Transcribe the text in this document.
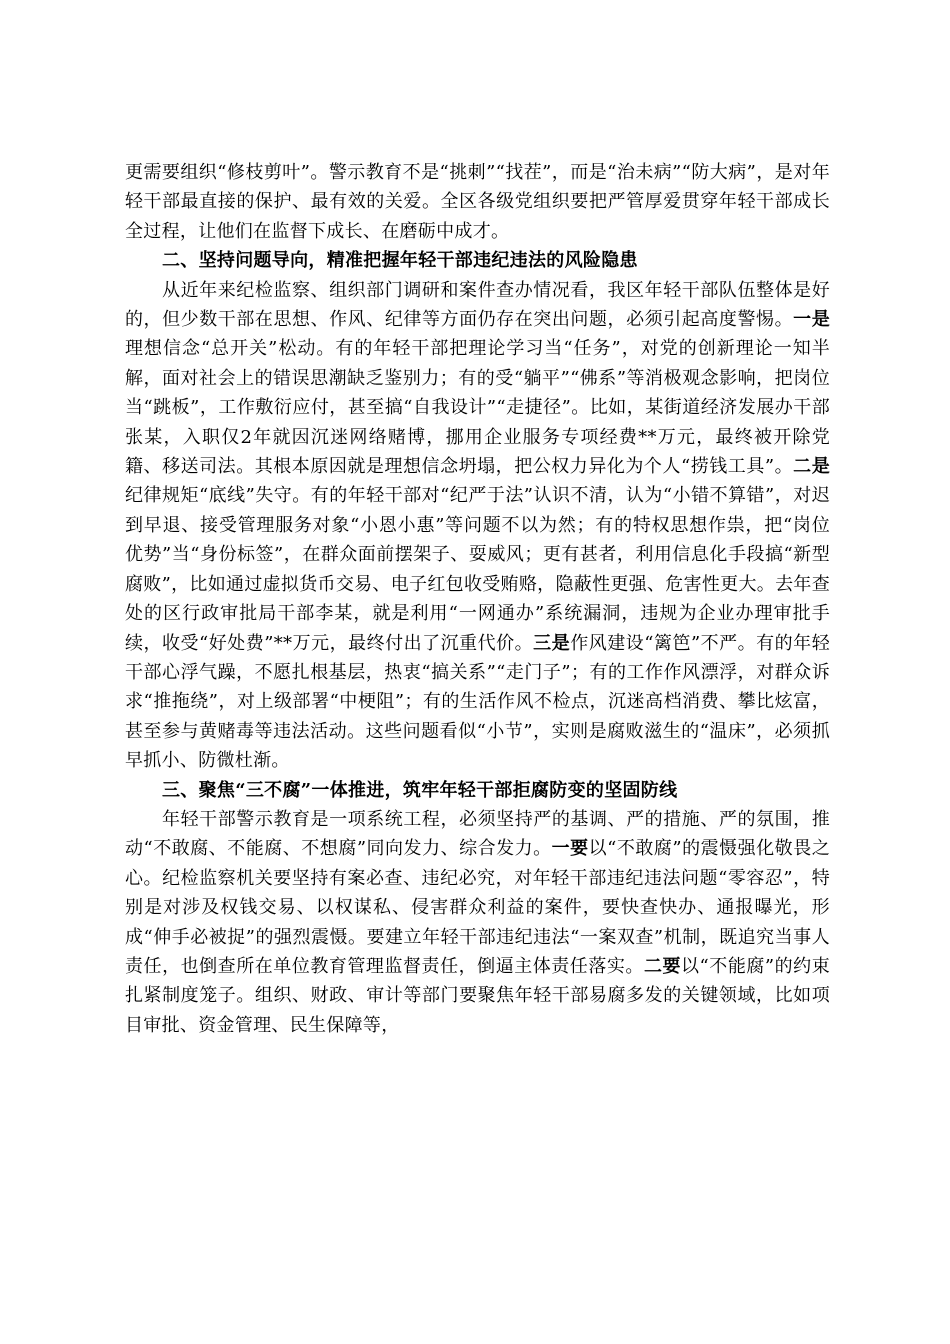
更需要组织“修枝剪叶”。警示教育不是“挑刺”“找茬”，而是“治未病”“防大病”，是对年轻干部最直接的保护、最有效的关爱。全区各级党组织要把严管厚爱贯穿年轻干部成长全过程，让他们在监督下成长、在磨砺中成才。

二、坚持问题导向，精准把握年轻干部违纪违法的风险隐患

从近年来纪检监察、组织部门调研和案件查办情况看，我区年轻干部队伍整体是好的，但少数干部在思想、作风、纪律等方面仍存在突出问题，必须引起高度警惕。一是理想信念“总开关”松动。有的年轻干部把理论学习当“任务”，对党的创新理论一知半解，面对社会上的错误思潮缺乏鉴别力；有的受“躺平”“佛系”等消极观念影响，把岗位当“跳板”，工作敷衍应付，甚至搞“自我设计”“走捷径”。比如，某街道经济发展办干部张某，入职仅2年就因沉迷网络赌博，挪用企业服务专项经费**万元，最终被开除党籍、移送司法。其根本原因就是理想信念坍塌，把公权力异化为个人“捞钱工具”。二是纪律规矩“底线”失守。有的年轻干部对“纪严于法”认识不清，认为“小错不算错”，对迟到早退、接受管理服务对象“小恩小惠”等问题不以为然；有的特权思想作祟，把“岗位优势”当“身份标签”，在群众面前摆架子、耍威风；更有甚者，利用信息化手段搞“新型腐败”，比如通过虚拟货币交易、电子红包收受贿赂，隐蔽性更强、危害性更大。去年查处的区行政审批局干部李某，就是利用“一网通办”系统漏洞，违规为企业办理审批手续，收受“好处费”**万元，最终付出了沉重代价。三是作风建设“篱笆”不严。有的年轻干部心浮气躁，不愿扎根基层，热衷“搞关系”“走门子”；有的工作作风漂浮，对群众诉求“推拖绕”，对上级部署“中梗阻”；有的生活作风不检点，沉迷高档消费、攀比炫富，甚至参与黄赌毒等违法活动。这些问题看似“小节”，实则是腐败滋生的“温床”，必须抓早抓小、防微杜渐。

三、聚焦“三不腐”一体推进，筑牢年轻干部拒腐防变的坚固防线

年轻干部警示教育是一项系统工程，必须坚持严的基调、严的措施、严的氛围，推动“不敢腐、不能腐、不想腐”同向发力、综合发力。一要以“不敢腐”的震慑强化敬畏之心。纪检监察机关要坚持有案必查、违纪必究，对年轻干部违纪违法问题“零容忍”，特别是对涉及权钱交易、以权谋私、侵害群众利益的案件，要快查快办、通报曝光，形成“伸手必被捉”的强烈震慑。要建立年轻干部违纪违法“一案双查”机制，既追究当事人责任，也倒查所在单位教育管理监督责任，倒逼主体责任落实。二要以“不能腐”的约束扎紧制度笼子。组织、财政、审计等部门要聚焦年轻干部易腐多发的关键领域，比如项目审批、资金管理、民生保障等，
